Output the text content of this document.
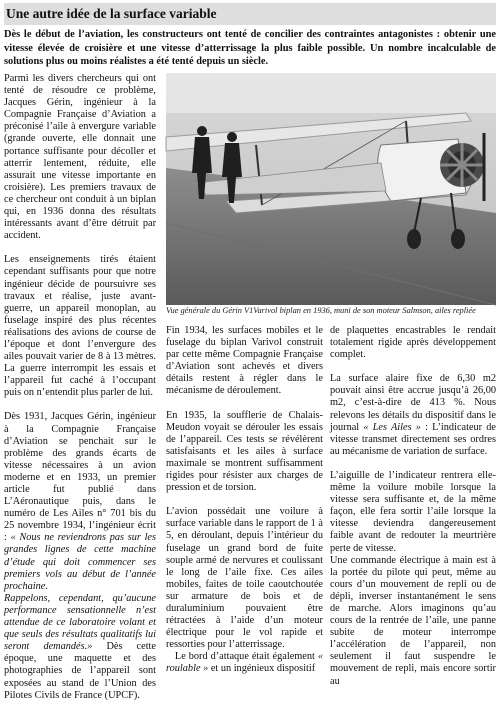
Une autre idée de la surface variable
Dès le début de l’aviation, les constructeurs ont tenté de concilier des contraintes antagonistes : obtenir une vitesse élevée de croisière et une vitesse d’atterrissage la plus faible possible. Un nombre incalculable de solutions plus ou moins réalistes a été tenté depuis un siècle.

Parmi les divers chercheurs qui ont tenté de résoudre ce problème, Jacques Gérin, ingénieur à la Compagnie Française d’Aviation a préconisé l’aile à envergure variable (grande ouverte, elle donnait une portance suffisante pour décoller et atterrir lentement, réduite, elle assurait une vitesse importante en croisière). Les premiers travaux de ce chercheur ont conduit à un biplan qui, en 1936 donna des résultats intéressants avant d’être détruit par accident.

Les enseignements tirés étaient cependant suffisants pour que notre ingénieur décide de poursuivre ses travaux et réalise, juste avant-guerre, un appareil monoplan, au fuselage inspiré des plus récentes réalisations des avions de course de l’époque et dont l’envergure des ailes pouvait varier de 8 à 13 mètres. La guerre interrompit les essais et l’appareil fut caché à l’occupant puis on n’entendit plus parler de lui.

Dès 1931, Jacques Gérin, ingénieur à la Compagnie Française d’Aviation se penchait sur le problème des grands écarts de vitesse nécessaires à un avion moderne et en 1933, un premier article fut publié dans L’Aéronautique puis, dans le numéro de Les Ailes n° 701 bis du 25 novembre 1934, l’ingénieur écrit : « Nous ne reviendrons pas sur les grandes lignes de cette machine d’étude qui doit commencer ses premiers vols au début de l’année prochaine.

Rappelons, cependant, qu’aucune performance sensationnelle n’est attendue de ce laboratoire volant et que seuls des résultats qualitatifs lui seront demandés.» Dès cette époque, une maquette et des photographies de l’appareil sont exposées au stand de l’Union des Pilotes Civils de France (UPCF).

Vue générale du Gérin V1Varivol biplan en 1936, muni de son moteur Salmson, ailes repliée

Fin 1934, les surfaces mobiles et le fuselage du biplan Varivol construit par cette même Compagnie Française d’Aviation sont achevés et divers détails restent à régler dans le mécanisme de déroulement.

En 1935, la soufflerie de Chalais-Meudon voyait se dérouler les essais de l’appareil. Ces tests se révélèrent satisfaisants et les ailes à surface maximale se montrent suffisamment rigides pour résister aux charges de pression et de torsion.

L’avion possédait une voilure à surface variable dans le rapport de 1 à 5, en déroulant, depuis l’intérieur du fuselage un grand bord de fuite souple armé de nervures et coulissant le long de l’aile fixe. Ces ailes mobiles, faites de toile caoutchoutée sur armature de bois et de duraluminium pouvaient être rétractées à l’aide d’un moteur électrique pour le vol rapide et ressorties pour l’atterrissage.

Le bord d’attaque était également « roulable » et un ingénieux dispositif

de plaquettes encastrables le rendait totalement rigide après développement complet.

La surface alaire fixe de 6,30 m2 pouvait ainsi être accrue jusqu’à 26,00 m2, c’est-à-dire de 413 %. Nous relevons les détails du dispositif dans le journal « Les Ailes » : L’indicateur de vitesse transmet directement ses ordres au mécanisme de variation de surface.

L’aiguille de l’indicateur rentrera elle-même la voilure mobile lorsque la vitesse sera suffisante et, de la même façon, elle fera sortir l’aile lorsque la vitesse deviendra dangereusement faible avant de redouter la meurtrière perte de vitesse.

Une commande électrique à main est à la portée du pilote qui peut, même au cours d’un mouvement de repli ou de dépli, inverser instantanément le sens de marche. Alors imaginons qu’au cours de la rentrée de l’aile, une panne subite de moteur interrompe l’accélération de l’appareil, non seulement il faut suspendre le mouvement de repli, mais encore sortir au
